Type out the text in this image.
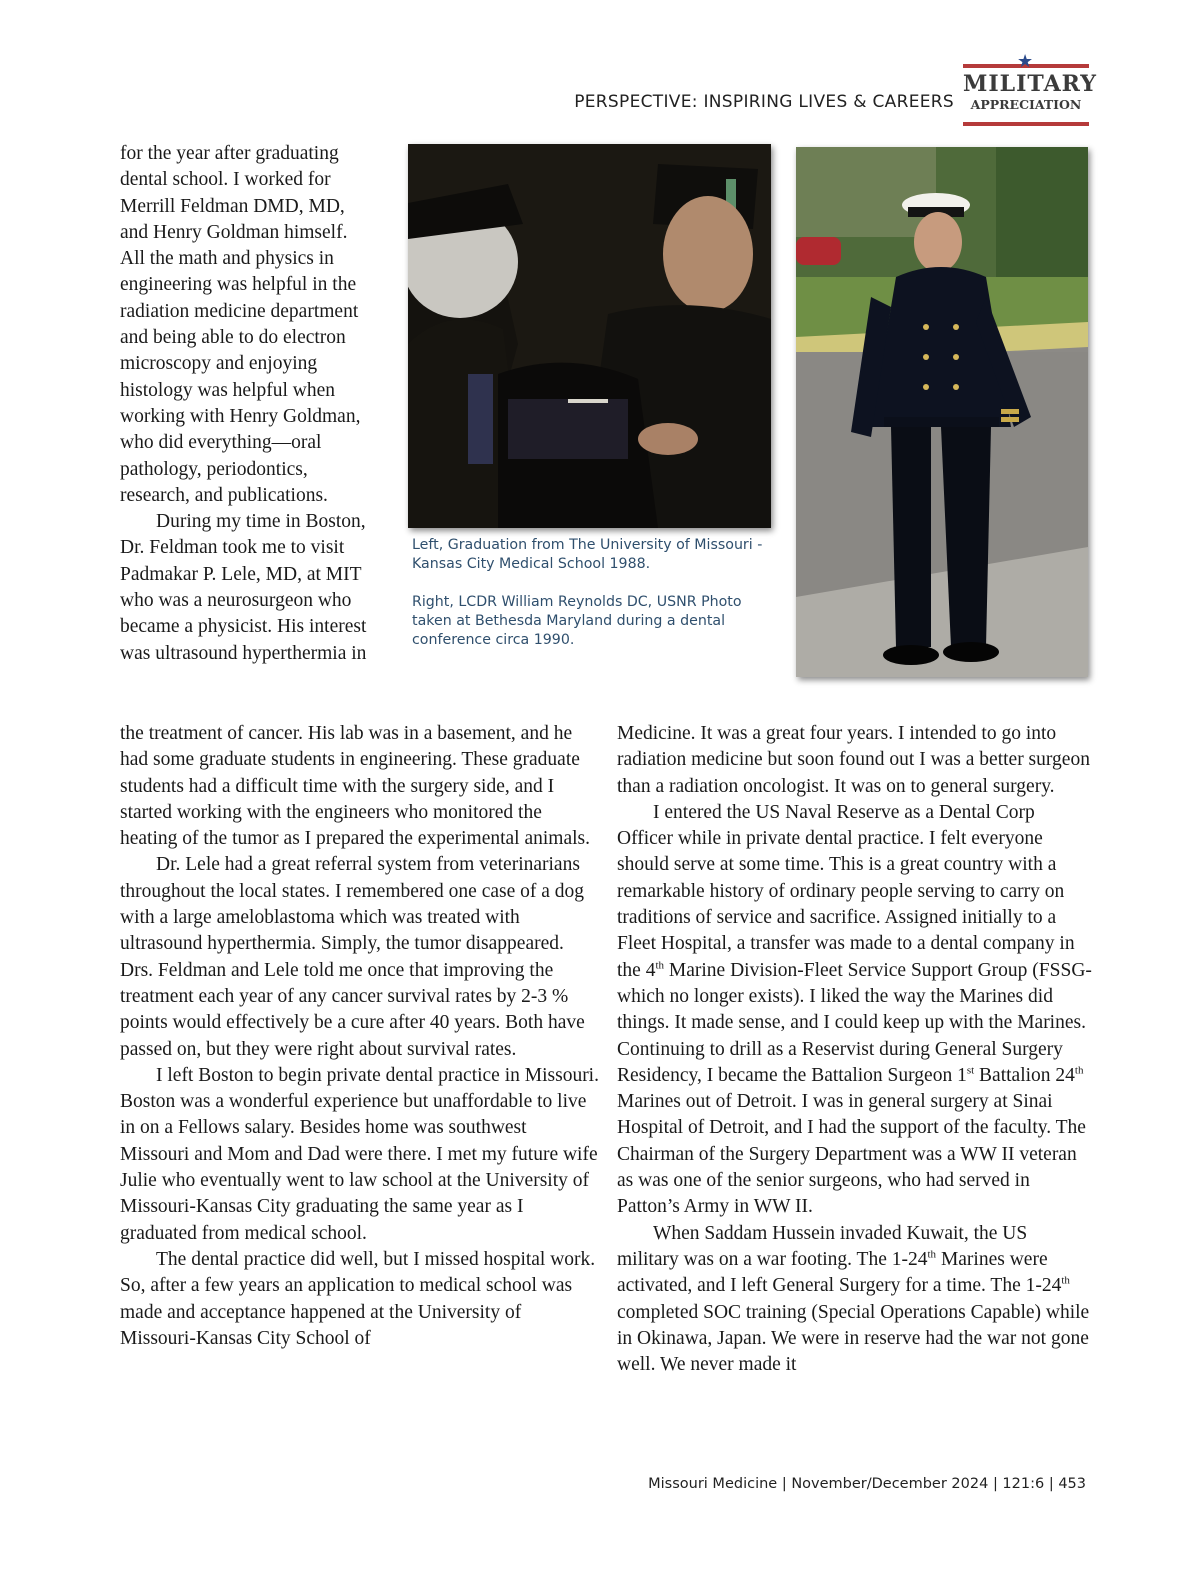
PERSPECTIVE: INSPIRING LIVES & CAREERS
★
MILITARY
APPRECIATION

for the year after graduating dental school. I worked for Merrill Feldman DMD, MD, and Henry Goldman himself. All the math and physics in engineering was helpful in the radiation medicine department and being able to do electron microscopy and enjoying histology was helpful when working with Henry Goldman, who did everything—oral pathology, periodontics, research, and publications.

During my time in Boston, Dr. Feldman took me to visit Padmakar P. Lele, MD, at MIT who was a neurosurgeon who became a physicist. His interest was ultrasound hyperthermia in

Left, Graduation from The University of Missouri -Kansas City Medical School 1988.

Right, LCDR William Reynolds DC, USNR Photo taken at Bethesda Maryland during a dental conference circa 1990.

the treatment of cancer. His lab was in a basement, and he had some graduate students in engineering. These graduate students had a difficult time with the surgery side, and I started working with the engineers who monitored the heating of the tumor as I prepared the experimental animals.

Dr. Lele had a great referral system from veterinarians throughout the local states. I remembered one case of a dog with a large ameloblastoma which was treated with ultrasound hyperthermia. Simply, the tumor disappeared. Drs. Feldman and Lele told me once that improving the treatment each year of any cancer survival rates by 2-3 % points would effectively be a cure after 40 years. Both have passed on, but they were right about survival rates.

I left Boston to begin private dental practice in Missouri. Boston was a wonderful experience but unaffordable to live in on a Fellows salary. Besides home was southwest Missouri and Mom and Dad were there. I met my future wife Julie who eventually went to law school at the University of Missouri-Kansas City graduating the same year as I graduated from medical school.

The dental practice did well, but I missed hospital work. So, after a few years an application to medical school was made and acceptance happened at the University of Missouri-Kansas City School of

Medicine. It was a great four years. I intended to go into radiation medicine but soon found out I was a better surgeon than a radiation oncologist. It was on to general surgery.

I entered the US Naval Reserve as a Dental Corp Officer while in private dental practice. I felt everyone should serve at some time. This is a great country with a remarkable history of ordinary people serving to carry on traditions of service and sacrifice. Assigned initially to a Fleet Hospital, a transfer was made to a dental company in the 4th Marine Division-Fleet Service Support Group (FSSG- which no longer exists). I liked the way the Marines did things. It made sense, and I could keep up with the Marines. Continuing to drill as a Reservist during General Surgery Residency, I became the Battalion Surgeon 1st Battalion 24th Marines out of Detroit. I was in general surgery at Sinai Hospital of Detroit, and I had the support of the faculty. The Chairman of the Surgery Department was a WW II veteran as was one of the senior surgeons, who had served in Patton’s Army in WW II.

When Saddam Hussein invaded Kuwait, the US military was on a war footing. The 1-24th Marines were activated, and I left General Surgery for a time. The 1-24th completed SOC training (Special Operations Capable) while in Okinawa, Japan. We were in reserve had the war not gone well. We never made it

Missouri Medicine | November/December 2024 | 121:6 | 453
